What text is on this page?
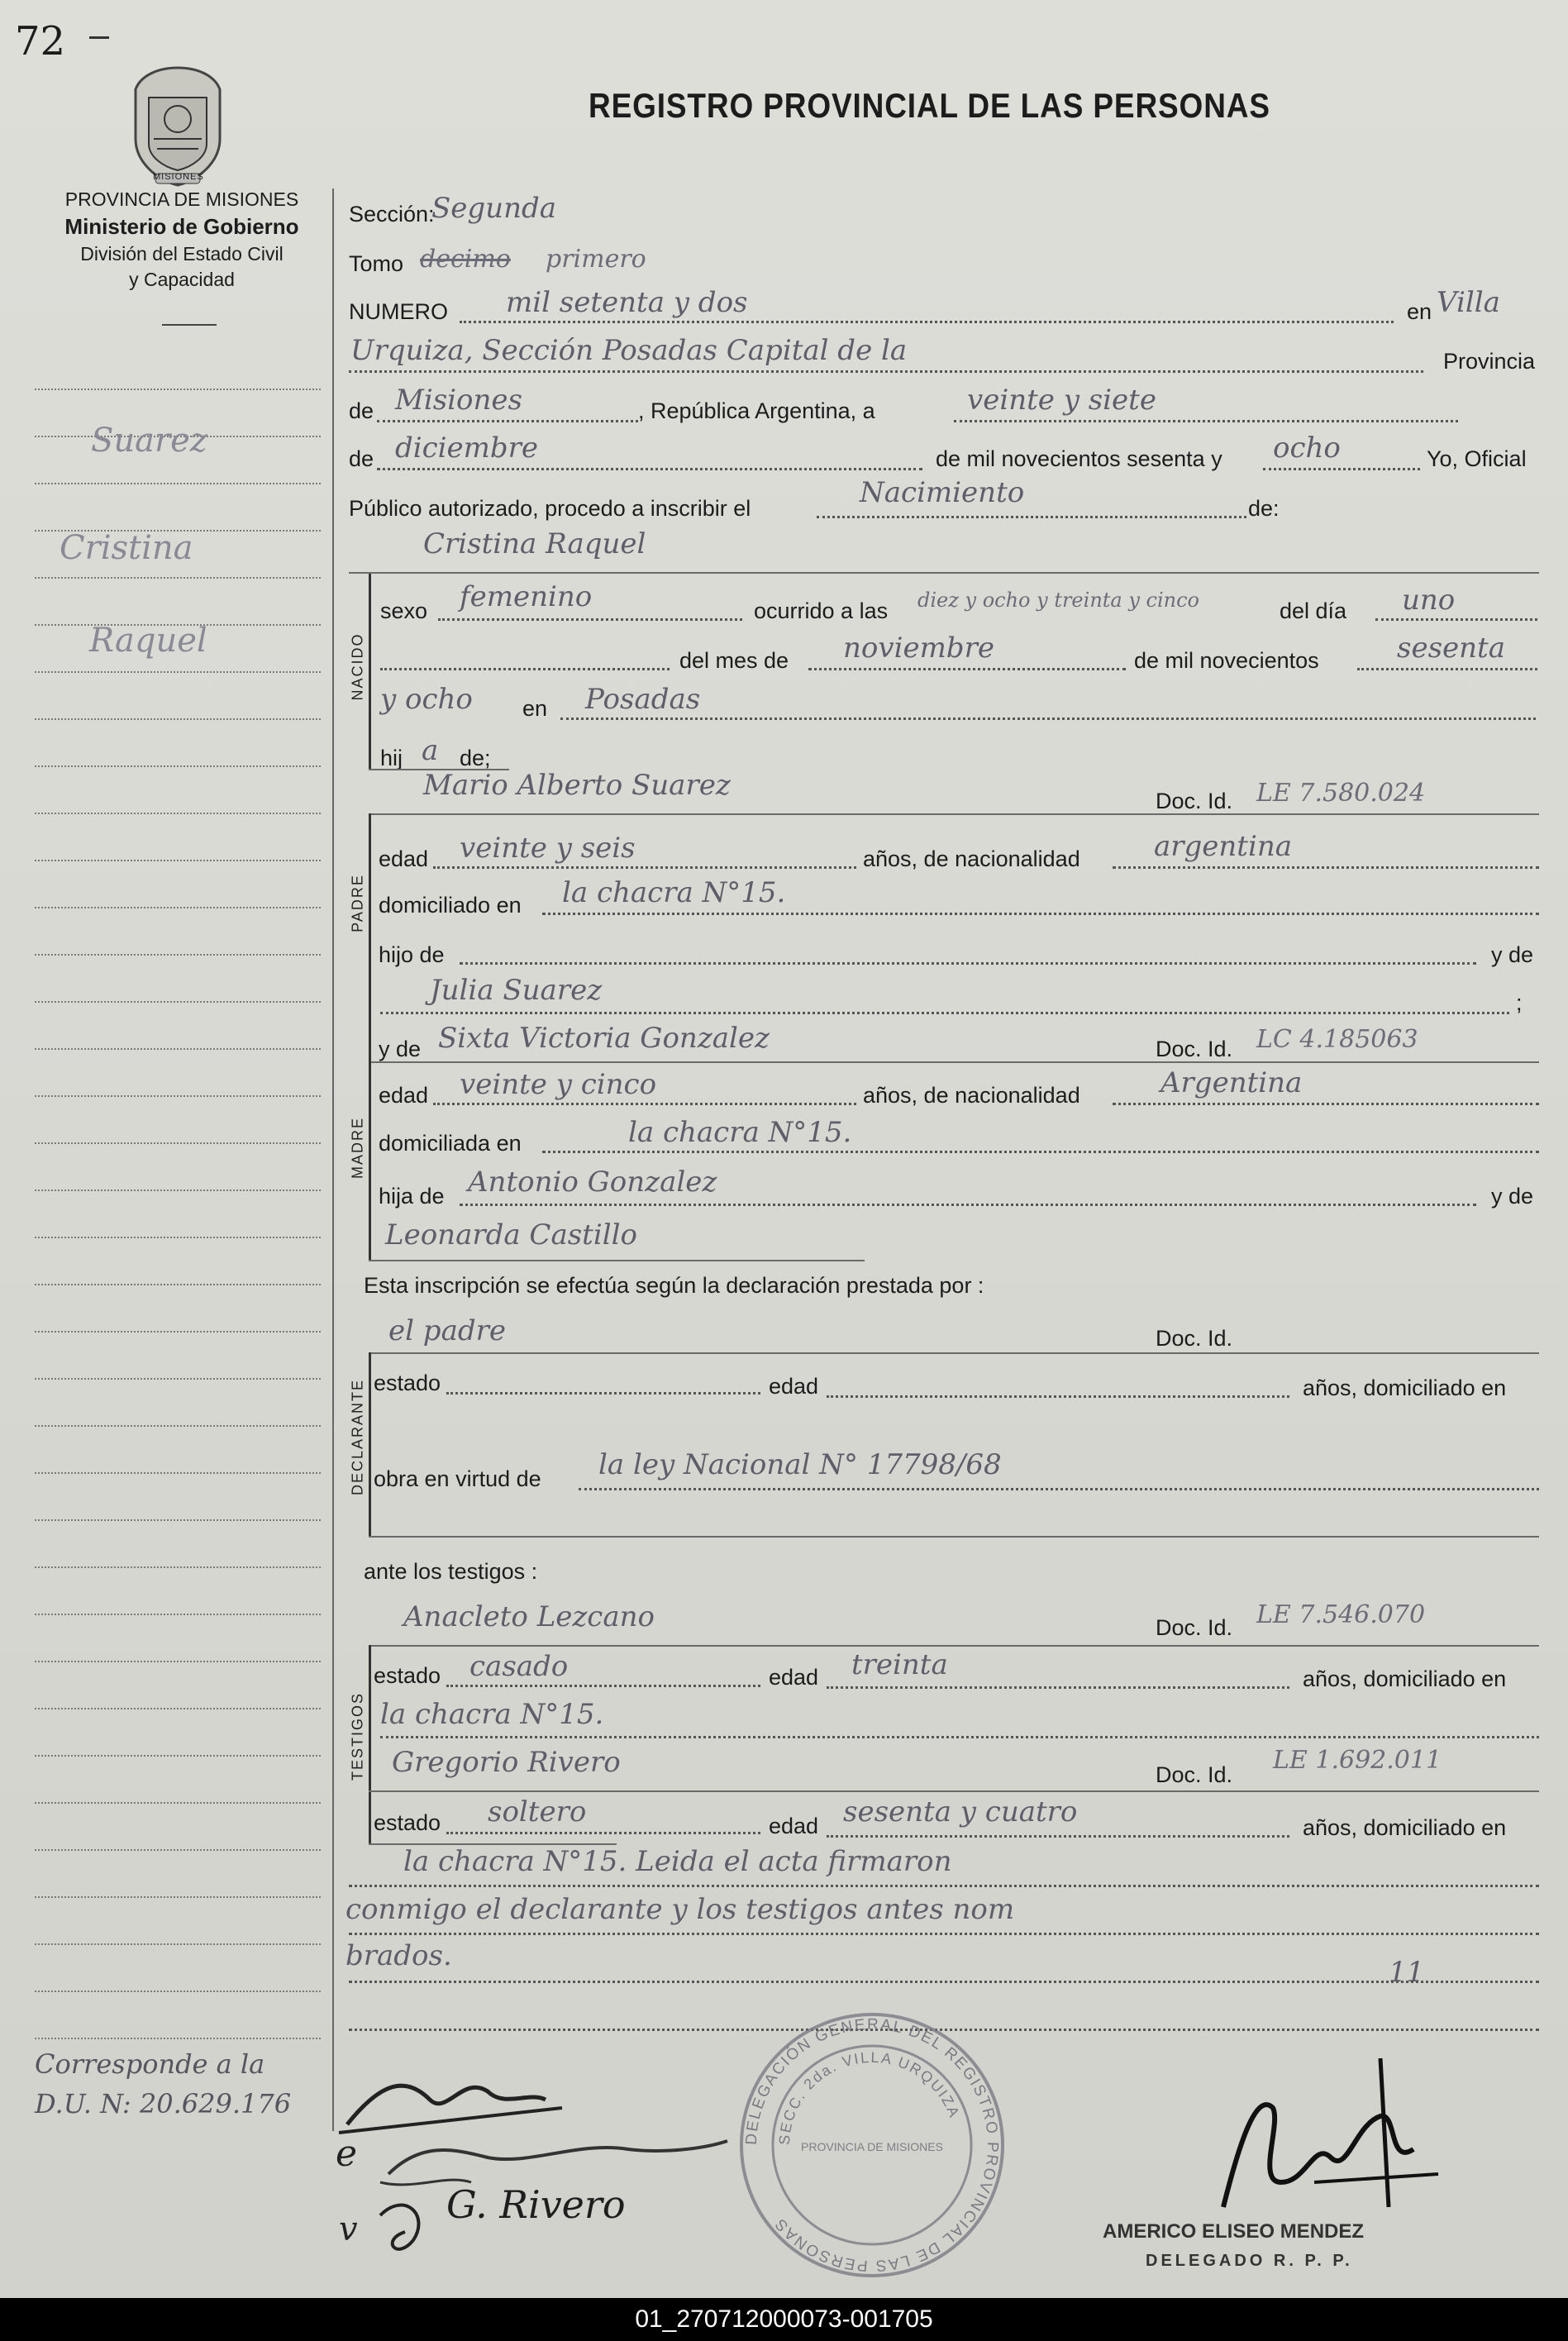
72
MISIONES
REGISTRO PROVINCIAL DE LAS PERSONAS
PROVINCIA DE MISIONES
Ministerio de Gobierno
División del Estado Civil
y Capacidad
Suarez
Cristina
Raquel
Corresponde a la
D.U. N: 20.629.176
Sección:
Segunda
Tomo decimo primero
NUMERO mil setenta y dos	en Villa
Urquiza, Sección Posadas Capital de la	Provincia
de Misiones	, República Argentina, a	veinte y siete
de diciembre	de mil novecientos sesenta y ocho	Yo, Oficial
Público autorizado, procedo a inscribir el	Nacimiento	de:
Cristina Raquel
NACIDO
sexo femenino	ocurrido a las diez y ocho y treinta y cinco	del día uno
del mes de noviembre	de mil novecientos	sesenta
y ocho en Posadas
hij a de;
Mario Alberto Suarez	Doc. Id. LE 7.580.024
PADRE
edad veinte y seis	años, de nacionalidad	argentina
domiciliado en la chacra N°15.
hijo de	y de
Julia Suarez	;
y de Sixta Victoria Gonzalez	Doc. Id. LC 4.185063
MADRE
edad veinte y cinco	años, de nacionalidad	Argentina
domiciliada en	la chacra N°15.
hija de Antonio Gonzalez	y de
Leonarda Castillo
Esta inscripción se efectúa según la declaración prestada por :
el padre	Doc. Id.
DECLARANTE estado	edad	años, domiciliado en
obra en virtud de la ley Nacional N° 17798/68
ante los testigos :
Anacleto Lezcano	Doc. Id. LE 7.546.070
TESTIGOS
estado casado	edad treinta	años, domiciliado en
la chacra N°15.
Gregorio Rivero	Doc. Id. LE 1.692.011
estado soltero	edad sesenta y cuatro	años, domiciliado en
la chacra N°15. Leida el acta firmaron
conmigo el declarante y los testigos antes nom
brados.	11
DELEGACIÓN GENERAL DEL REGISTRO PROVINCIAL DE LAS PERSONAS
SECC. 2da. VILLA URQUIZA
PROVINCIA DE MISIONES
e
v
G. Rivero
AMERICO ELISEO MENDEZ
DELEGADO R. P. P.
01_270712000073-001705
